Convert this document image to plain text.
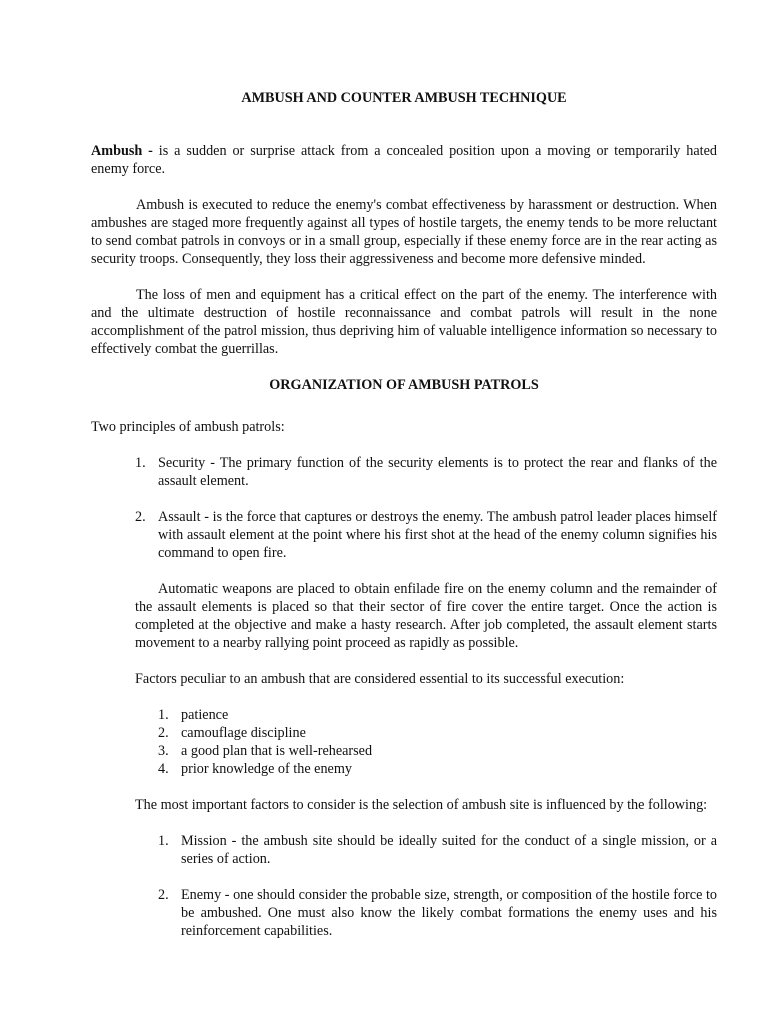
AMBUSH AND COUNTER AMBUSH TECHNIQUE

Ambush - is a sudden or surprise attack from a concealed position upon a moving or temporarily hated enemy force.

Ambush is executed to reduce the enemy's combat effectiveness by harassment or destruction. When ambushes are staged more frequently against all types of hostile targets, the enemy tends to be more reluctant to send combat patrols in convoys or in a small group, especially if these enemy force are in the rear acting as security troops. Consequently, they loss their aggressiveness and become more defensive minded.

The loss of men and equipment has a critical effect on the part of the enemy. The interference with and the ultimate destruction of hostile reconnaissance and combat patrols will result in the none accomplishment of the patrol mission, thus depriving him of valuable intelligence information so necessary to effectively combat the guerrillas.

ORGANIZATION OF AMBUSH PATROLS

Two principles of ambush patrols:

1. Security - The primary function of the security elements is to protect the rear and flanks of the assault element.
2. Assault - is the force that captures or destroys the enemy. The ambush patrol leader places himself with assault element at the point where his first shot at the head of the enemy column signifies his command to open fire.

Automatic weapons are placed to obtain enfilade fire on the enemy column and the remainder of the assault elements is placed so that their sector of fire cover the entire target. Once the action is completed at the objective and make a hasty research. After job completed, the assault element starts movement to a nearby rallying point proceed as rapidly as possible.

Factors peculiar to an ambush that are considered essential to its successful execution:

1. patience
2. camouflage discipline
3. a good plan that is well-rehearsed
4. prior knowledge of the enemy

The most important factors to consider is the selection of ambush site is influenced by the following:

1. Mission - the ambush site should be ideally suited for the conduct of a single mission, or a series of action.
2. Enemy - one should consider the probable size, strength, or composition of the hostile force to be ambushed. One must also know the likely combat formations the enemy uses and his reinforcement capabilities.
